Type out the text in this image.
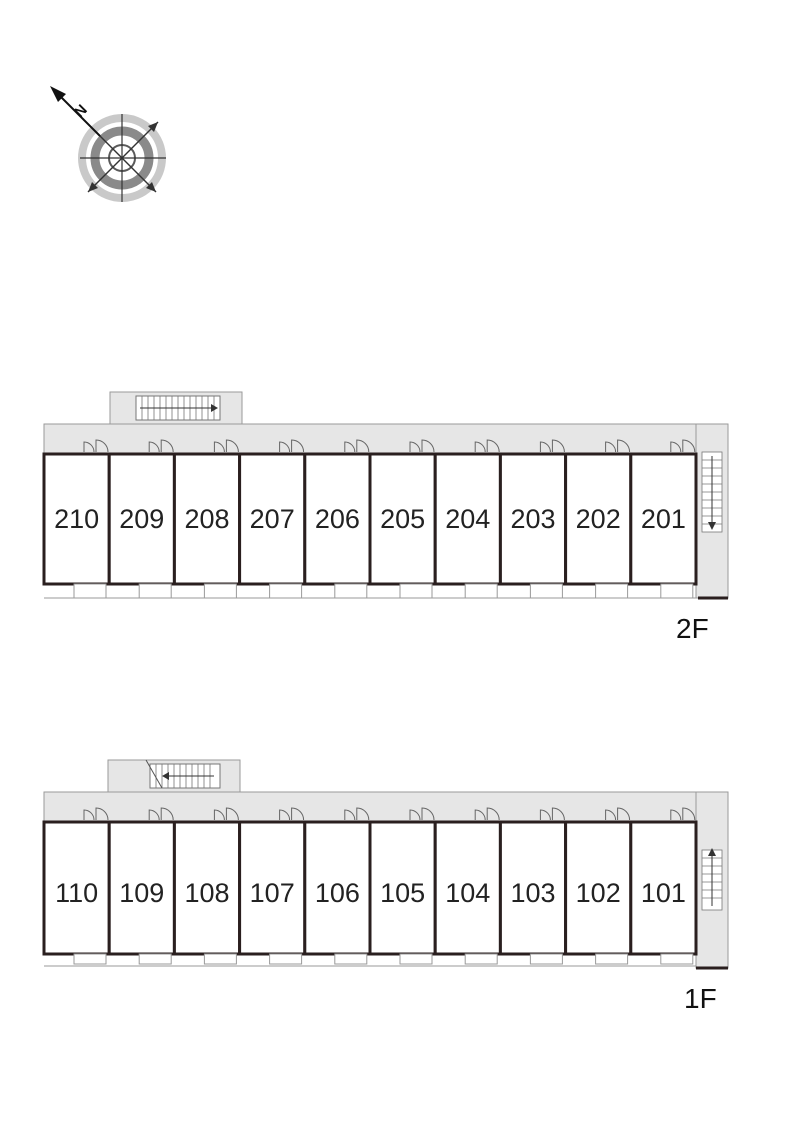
N
210 209 208 207 206 205 204 203 202 201
2F
110 109 108 107 106 105 104 103 102 101
1F
